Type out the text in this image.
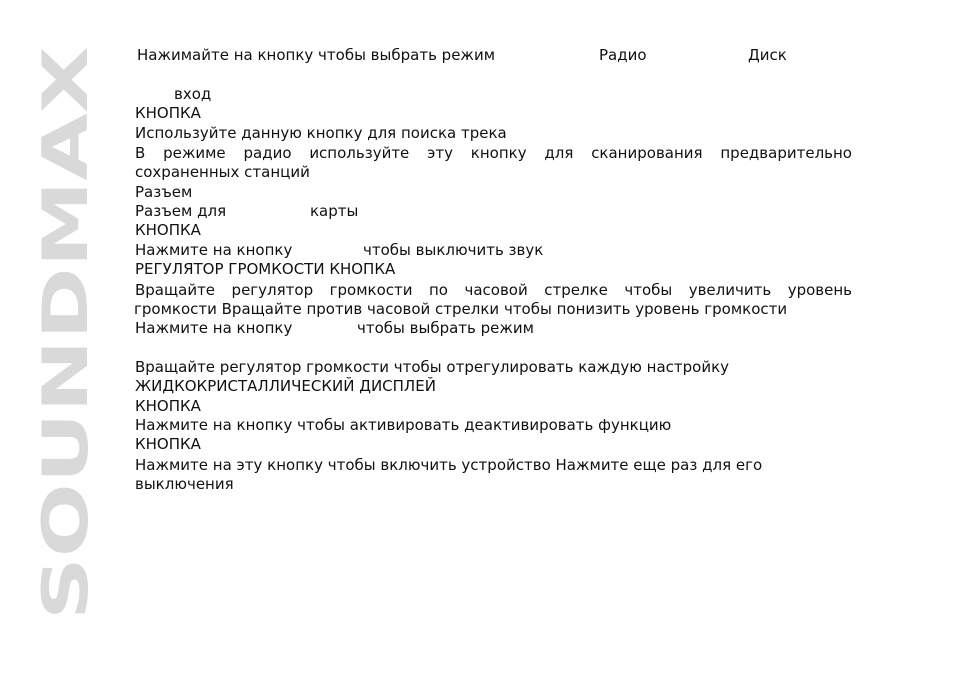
SOUNDMAX
Нажимайте на кнопку чтобы выбрать режим	Радио	Диск
вход
КНОПКА
Используйте данную кнопку для поиска трека
В режиме радио используйте эту кнопку для сканирования предварительно
сохраненных станций
Разъем
Разъем для	карты
КНОПКА
Нажмите на кнопку	чтобы выключить звук
РЕГУЛЯТОР ГРОМКОСТИ КНОПКА
Вращайте регулятор громкости по часовой стрелке чтобы увеличить уровень
громкости Вращайте против часовой стрелки чтобы понизить уровень громкости
Нажмите на кнопку	чтобы выбрать режим
Вращайте регулятор громкости чтобы отрегулировать каждую настройку
ЖИДКОКРИСТАЛЛИЧЕСКИЙ ДИСПЛЕЙ
КНОПКА
Нажмите на кнопку чтобы активировать деактивировать функцию
КНОПКА
Нажмите на эту кнопку чтобы включить устройство Нажмите еще раз для его
выключения
